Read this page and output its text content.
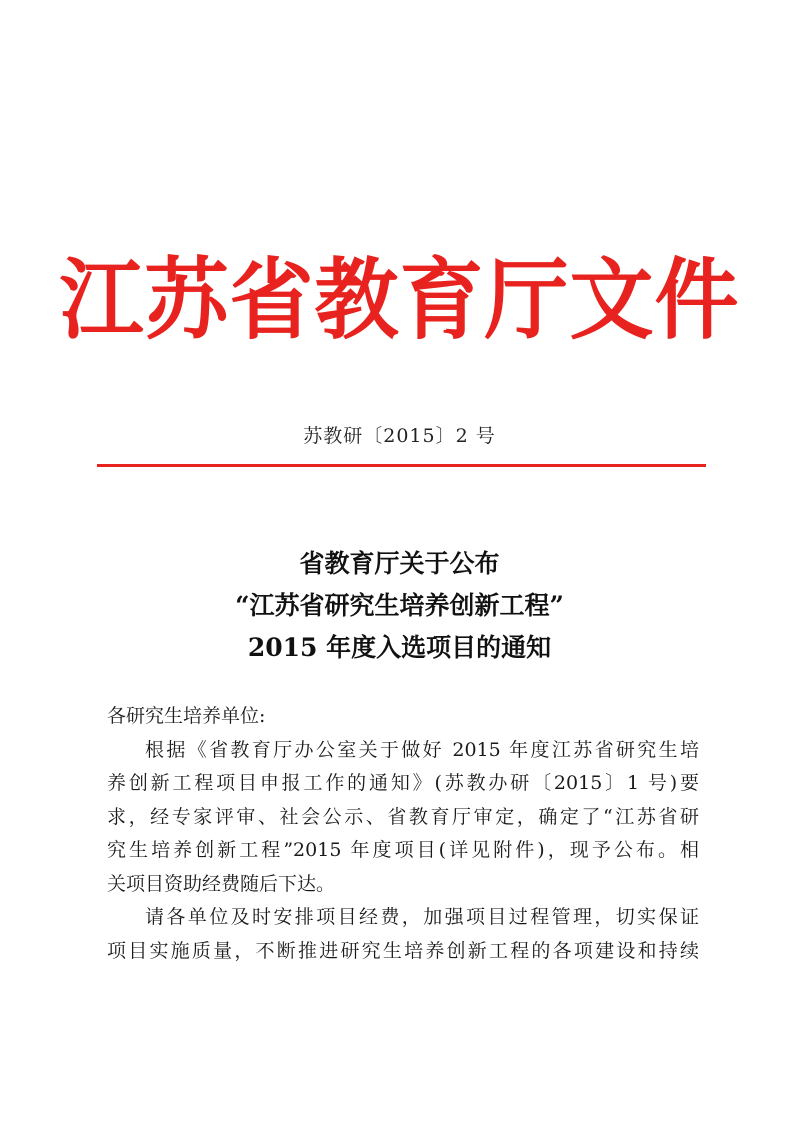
江苏省教育厅文件
苏教研〔2015〕2 号
省教育厅关于公布
“江苏省研究生培养创新工程”
2015 年度入选项目的通知
各研究生培养单位:
根据《省教育厅办公室关于做好 2015 年度江苏省研究生培
养创新工程项目申报工作的通知》(苏教办研〔2015〕1 号)要
求，经专家评审、社会公示、省教育厅审定，确定了“江苏省研
究生培养创新工程”2015 年度项目(详见附件)，现予公布。相
关项目资助经费随后下达。
请各单位及时安排项目经费，加强项目过程管理，切实保证
项目实施质量，不断推进研究生培养创新工程的各项建设和持续
